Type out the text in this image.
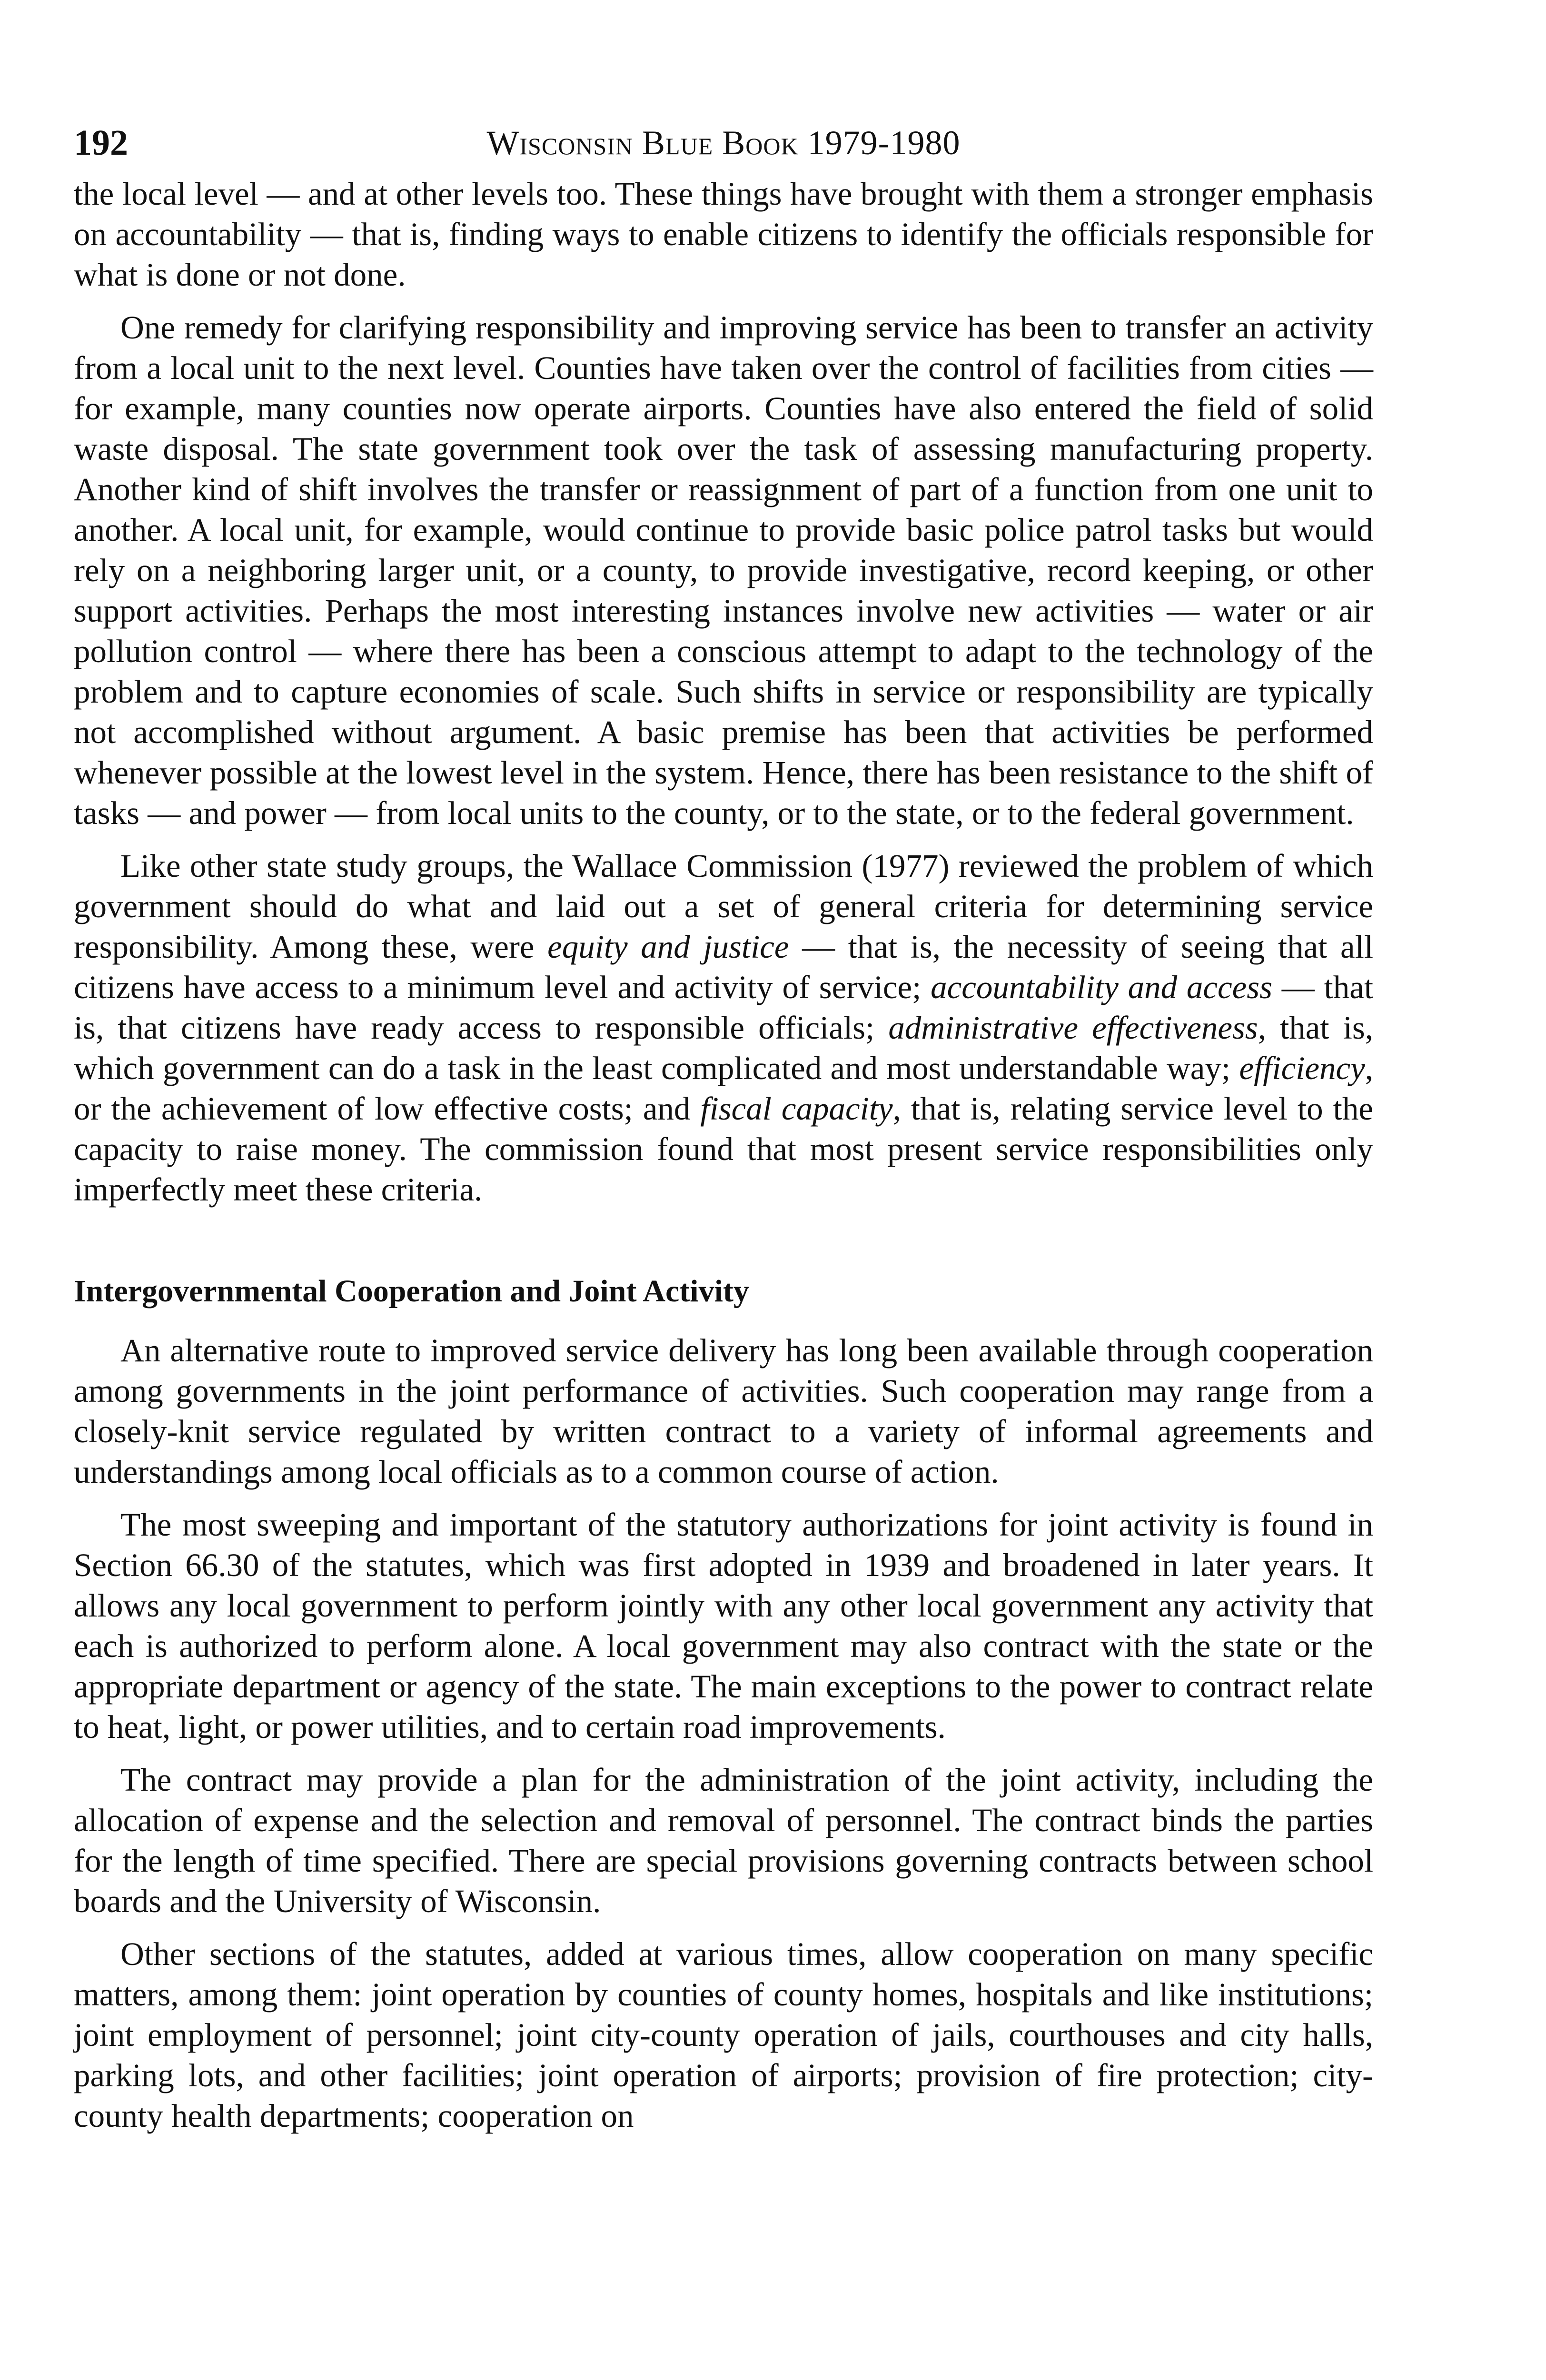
192	Wisconsin Blue Book 1979-1980

the local level — and at other levels too. These things have brought with them a stronger emphasis on accountability — that is, finding ways to enable citizens to identify the officials responsible for what is done or not done.

One remedy for clarifying responsibility and improving service has been to transfer an activity from a local unit to the next level. Counties have taken over the control of facilities from cities — for example, many counties now operate airports. Counties have also entered the field of solid waste disposal. The state government took over the task of assessing manufacturing property. Another kind of shift involves the transfer or reassignment of part of a function from one unit to another. A local unit, for example, would continue to provide basic police patrol tasks but would rely on a neighboring larger unit, or a county, to provide investigative, record keeping, or other support activities. Perhaps the most interesting instances involve new activities — water or air pollution control — where there has been a conscious attempt to adapt to the technology of the problem and to capture economies of scale. Such shifts in service or responsibility are typically not accomplished without argument. A basic premise has been that activities be performed whenever possible at the lowest level in the system. Hence, there has been resistance to the shift of tasks — and power — from local units to the county, or to the state, or to the federal government.

Like other state study groups, the Wallace Commission (1977) reviewed the problem of which government should do what and laid out a set of general criteria for determining service responsibility. Among these, were equity and justice — that is, the necessity of seeing that all citizens have access to a minimum level and activity of service; accountability and access — that is, that citizens have ready access to responsible officials; administrative effectiveness, that is, which government can do a task in the least complicated and most understandable way; efficiency, or the achievement of low effective costs; and fiscal capacity, that is, relating service level to the capacity to raise money. The commission found that most present service responsibilities only imperfectly meet these criteria.

Intergovernmental Cooperation and Joint Activity

An alternative route to improved service delivery has long been available through cooperation among governments in the joint performance of activities. Such cooperation may range from a closely-knit service regulated by written contract to a variety of informal agreements and understandings among local officials as to a common course of action.

The most sweeping and important of the statutory authorizations for joint activity is found in Section 66.30 of the statutes, which was first adopted in 1939 and broadened in later years. It allows any local government to perform jointly with any other local government any activity that each is authorized to perform alone. A local government may also contract with the state or the appropriate department or agency of the state. The main exceptions to the power to contract relate to heat, light, or power utilities, and to certain road improvements.

The contract may provide a plan for the administration of the joint activity, including the allocation of expense and the selection and removal of personnel. The contract binds the parties for the length of time specified. There are special provisions governing contracts between school boards and the University of Wisconsin.

Other sections of the statutes, added at various times, allow cooperation on many specific matters, among them: joint operation by counties of county homes, hospitals and like institutions; joint employment of personnel; joint city-county operation of jails, courthouses and city halls, parking lots, and other facilities; joint operation of airports; provision of fire protection; city-county health departments; cooperation on
